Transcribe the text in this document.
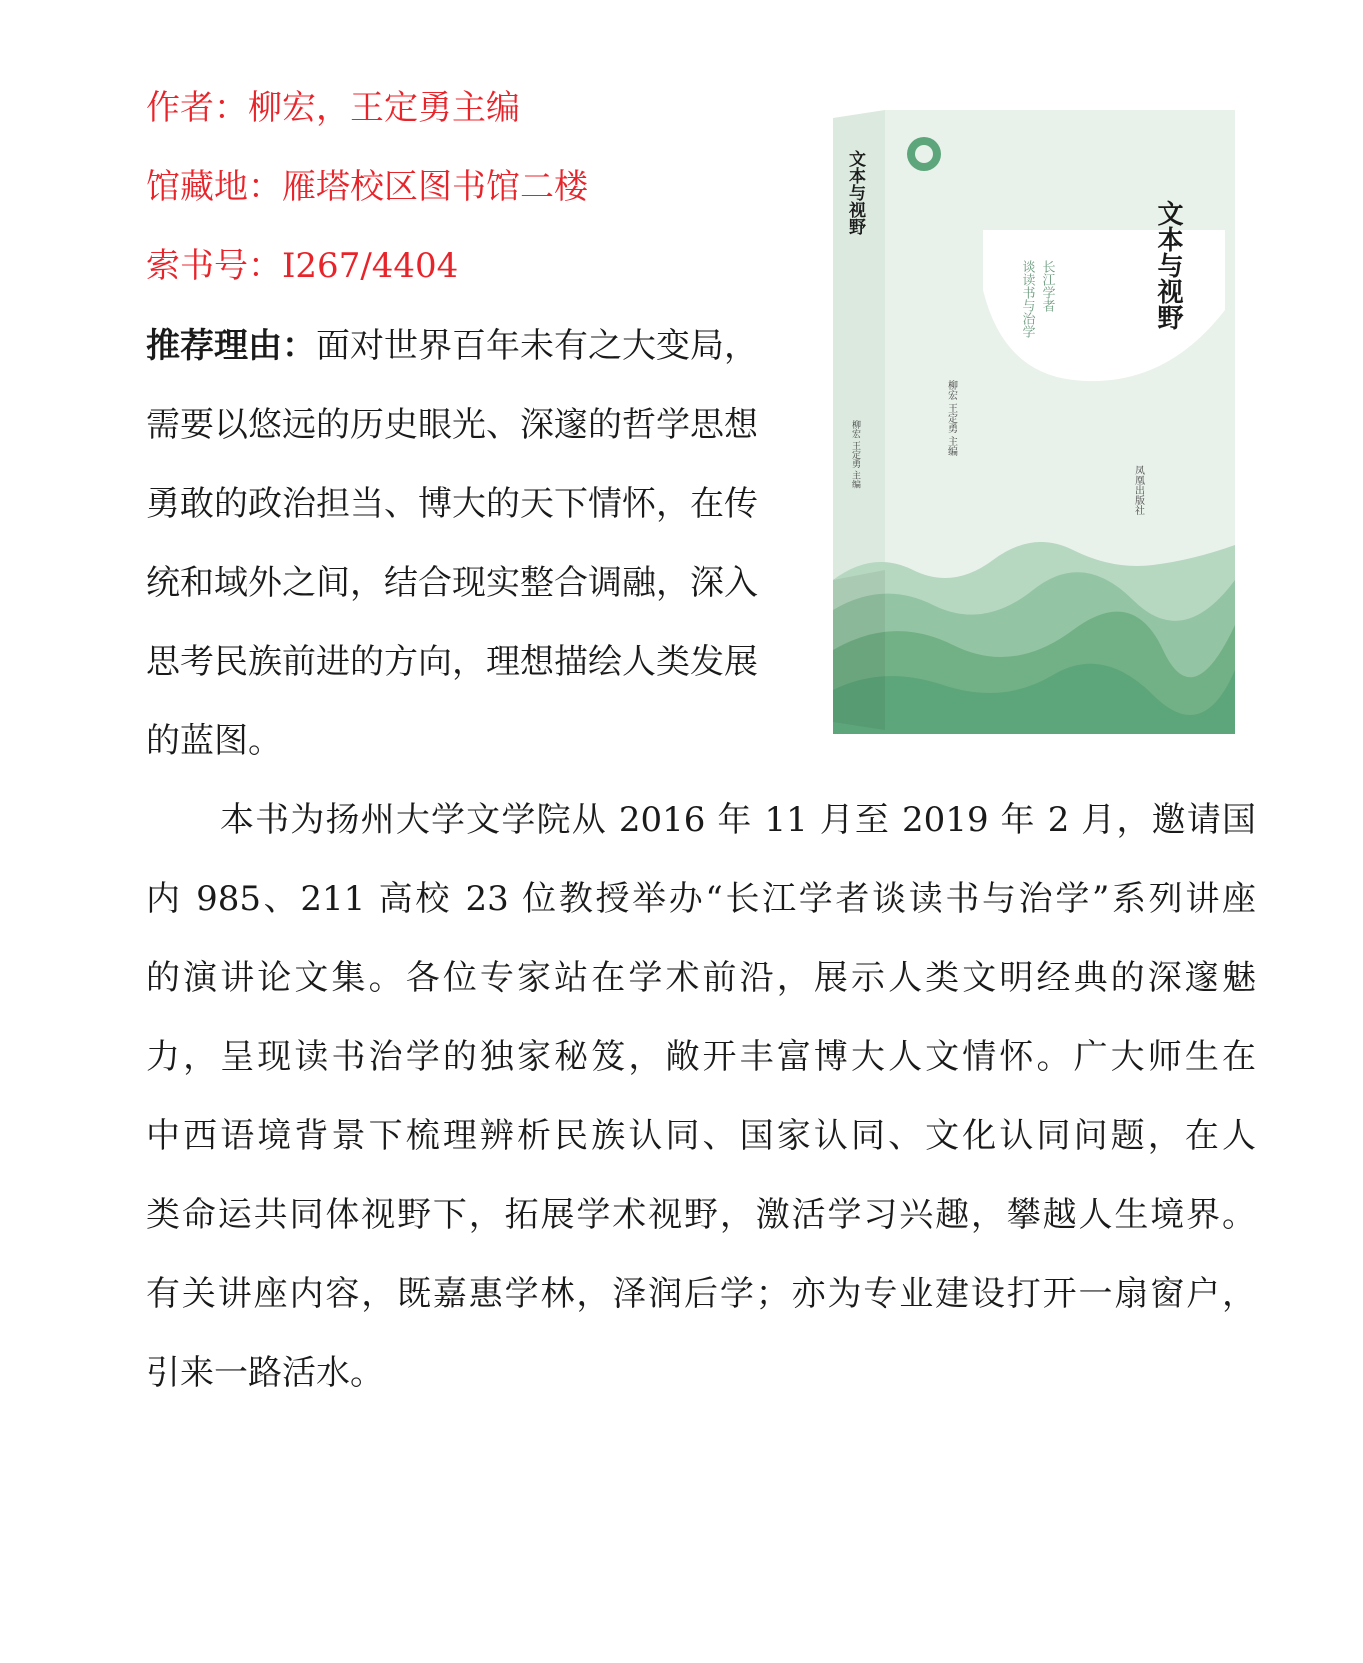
作者：柳宏，王定勇主编

馆藏地：雁塔校区图书馆二楼

索书号：I267/4404

推荐理由：面对世界百年未有之大变局，

需要以悠远的历史眼光、深邃的哲学思想

勇敢的政治担当、博大的天下情怀，在传

统和域外之间，结合现实整合调融，深入

思考民族前进的方向，理想描绘人类发展

的蓝图。

本书为扬州大学文学院从 2016 年 11 月至 2019 年 2 月，邀请国

内 985、211 高校 23 位教授举办“长江学者谈读书与治学”系列讲座

的演讲论文集。各位专家站在学术前沿，展示人类文明经典的深邃魅

力，呈现读书治学的独家秘笈，敞开丰富博大人文情怀。广大师生在

中西语境背景下梳理辨析民族认同、国家认同、文化认同问题，在人

类命运共同体视野下，拓展学术视野，激活学习兴趣，攀越人生境界。

有关讲座内容，既嘉惠学林，泽润后学；亦为专业建设打开一扇窗户，

引来一路活水。

文本与视野
长江学者
谈读书与治学
柳宏 王定勇 主编
凤凰出版社
文本与视野
柳宏 王定勇 主编
